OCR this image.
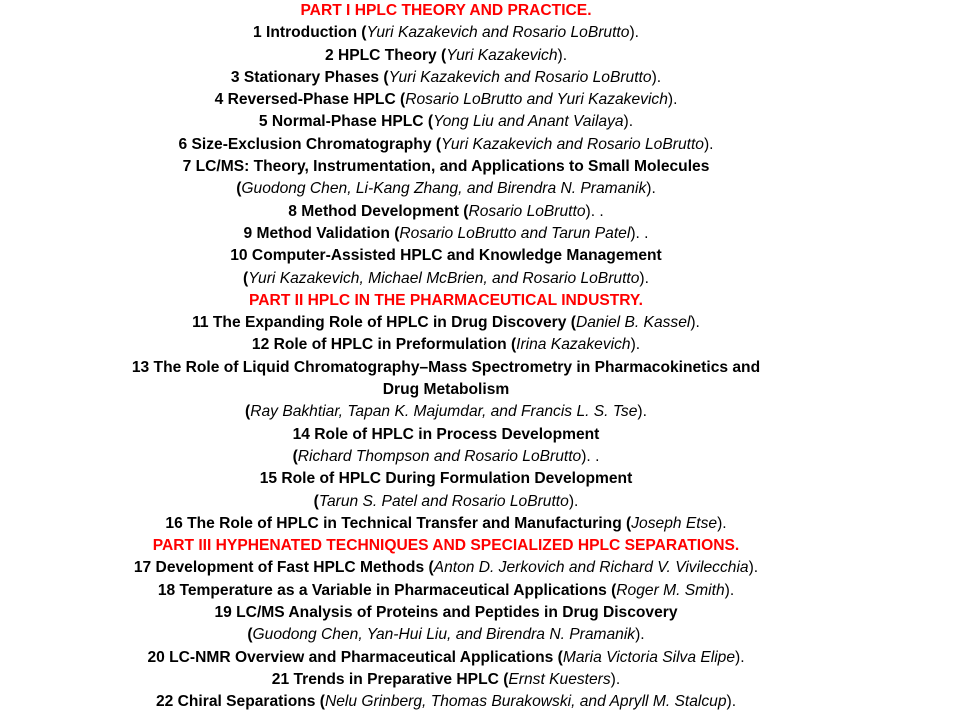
PART I HPLC THEORY AND PRACTICE.
1 Introduction (Yuri Kazakevich and Rosario LoBrutto).
2 HPLC Theory (Yuri Kazakevich).
3 Stationary Phases (Yuri Kazakevich and Rosario LoBrutto).
4 Reversed-Phase HPLC (Rosario LoBrutto and Yuri Kazakevich).
5 Normal-Phase HPLC (Yong Liu and Anant Vailaya).
6 Size-Exclusion Chromatography (Yuri Kazakevich and Rosario LoBrutto).
7 LC/MS: Theory, Instrumentation, and Applications to Small Molecules
(Guodong Chen, Li-Kang Zhang, and Birendra N. Pramanik).
8 Method Development (Rosario LoBrutto). .
9 Method Validation (Rosario LoBrutto and Tarun Patel). .
10 Computer-Assisted HPLC and Knowledge Management
(Yuri Kazakevich, Michael McBrien, and Rosario LoBrutto).
PART II HPLC IN THE PHARMACEUTICAL INDUSTRY.
11 The Expanding Role of HPLC in Drug Discovery (Daniel B. Kassel).
12 Role of HPLC in Preformulation (Irina Kazakevich).
13 The Role of Liquid Chromatography–Mass Spectrometry in Pharmacokinetics and
Drug Metabolism
(Ray Bakhtiar, Tapan K. Majumdar, and Francis L. S. Tse).
14 Role of HPLC in Process Development
(Richard Thompson and Rosario LoBrutto). .
15 Role of HPLC During Formulation Development
(Tarun S. Patel and Rosario LoBrutto).
16 The Role of HPLC in Technical Transfer and Manufacturing (Joseph Etse).
PART III HYPHENATED TECHNIQUES AND SPECIALIZED HPLC SEPARATIONS.
17 Development of Fast HPLC Methods (Anton D. Jerkovich and Richard V. Vivilecchia).
18 Temperature as a Variable in Pharmaceutical Applications (Roger M. Smith).
19 LC/MS Analysis of Proteins and Peptides in Drug Discovery
(Guodong Chen, Yan-Hui Liu, and Birendra N. Pramanik).
20 LC-NMR Overview and Pharmaceutical Applications (Maria Victoria Silva Elipe).
21 Trends in Preparative HPLC (Ernst Kuesters).
22 Chiral Separations (Nelu Grinberg, Thomas Burakowski, and Apryll M. Stalcup).
